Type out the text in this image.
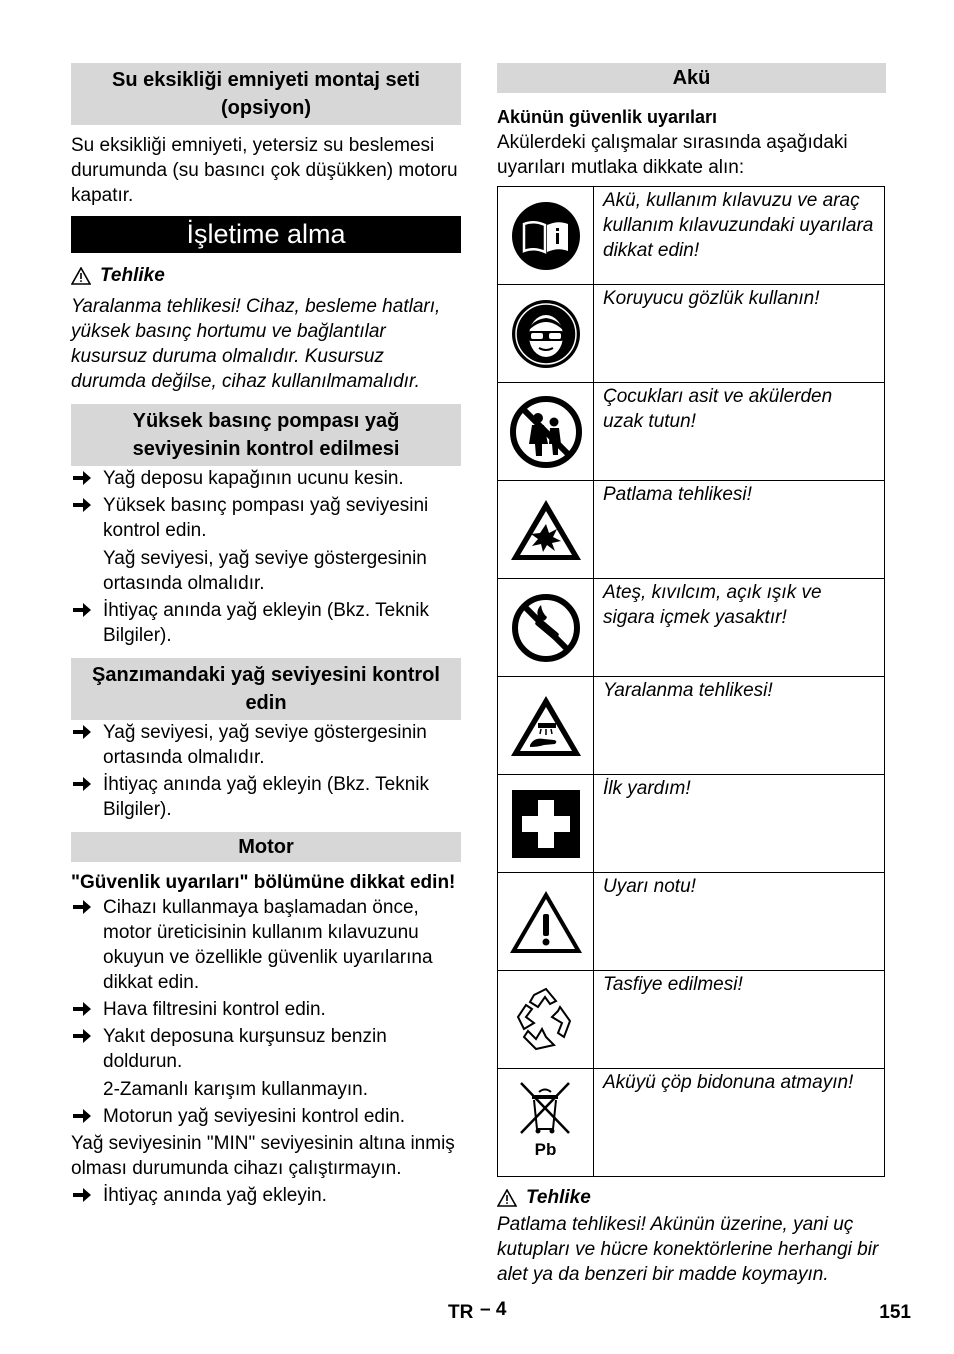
Su eksikliği emniyeti montaj seti (opsiyon)

Su eksikliği emniyeti, yetersiz su beslemesi durumunda (su basıncı çok düşükken) motoru kapatır.

İşletime alma
Tehlike

Yaralanma tehlikesi! Cihaz, besleme hatları, yüksek basınç hortumu ve bağlantılar kusursuz duruma olmalıdır. Kusursuz durumda değilse, cihaz kullanılmamalıdır.

Yüksek basınç pompası yağ seviyesinin kontrol edilmesi
Yağ deposu kapağının ucunu kesin.
Yüksek basınç pompası yağ seviyesini kontrol edin.

Yağ seviyesi, yağ seviye göstergesinin ortasında olmalıdır.

İhtiyaç anında yağ ekleyin (Bkz. Teknik Bilgiler).
Şanzımandaki yağ seviyesini kontrol edin
Yağ seviyesi, yağ seviye göstergesinin ortasında olmalıdır.
İhtiyaç anında yağ ekleyin (Bkz. Teknik Bilgiler).
Motor

"Güvenlik uyarıları" bölümüne dikkat edin!

Cihazı kullanmaya başlamadan önce, motor üreticisinin kullanım kılavuzunu okuyun ve özellikle güvenlik uyarılarına dikkat edin.
Hava filtresini kontrol edin.
Yakıt deposuna kurşunsuz benzin doldurun.

2-Zamanlı karışım kullanmayın.

Motorun yağ seviyesini kontrol edin.

Yağ seviyesinin "MIN" seviyesinin altına inmiş olması durumunda cihazı çalıştırmayın.

İhtiyaç anında yağ ekleyin.
Akü

Akünün güvenlik uyarıları

Akülerdeki çalışmalar sırasında aşağıdaki uyarıları mutlaka dikkate alın:

	Akü, kullanım kılavuzu ve araç kullanım kılavuzundaki uyarılara dikkat edin!

	Koruyucu gözlük kullanın!

	Çocukları asit ve akülerden uzak tutun!

	Patlama tehlikesi!

	Ateş, kıvılcım, açık ışık ve sigara içmek yasaktır!

	Yaralanma tehlikesi!

	İlk yardım!

	Uyarı notu!

	Tasfiye edilmesi!

Pb	Aküyü çöp bidonuna atmayın!
Tehlike

Patlama tehlikesi! Akünün üzerine, yani uç kutupları ve hücre konektörlerine herhangi bir alet ya da benzeri bir madde koymayın.

TR – 4	151
